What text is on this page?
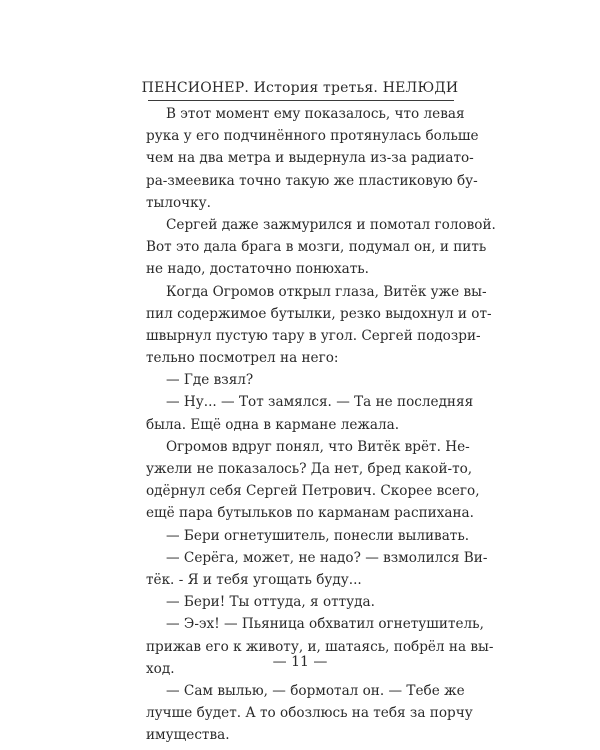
ПЕНСИОНЕР. История третья. НЕЛЮДИ
В этот момент ему показалось, что левая
рука у его подчинённого протянулась больше
чем на два метра и выдернула из-за радиато-
ра-змеевика точно такую же пластиковую бу-
тылочку.
Сергей даже зажмурился и помотал головой.
Вот это дала брага в мозги, подумал он, и пить
не надо, достаточно понюхать.
Когда Огромов открыл глаза, Витёк уже вы-
пил содержимое бутылки, резко выдохнул и от-
швырнул пустую тару в угол. Сергей подозри-
тельно посмотрел на него:
— Где взял?
— Ну... — Тот замялся. — Та не последняя
была. Ещё одна в кармане лежала.
Огромов вдруг понял, что Витёк врёт. Не-
ужели не показалось? Да нет, бред какой-то,
одёрнул себя Сергей Петрович. Скорее всего,
ещё пара бутыльков по карманам распихана.
— Бери огнетушитель, понесли выливать.
— Серёга, может, не надо? — взмолился Ви-
тёк. - Я и тебя угощать буду...
— Бери! Ты оттуда, я оттуда.
— Э-эх! — Пьяница обхватил огнетушитель,
прижав его к животу, и, шатаясь, побрёл на вы-
ход.
— Сам вылью, — бормотал он. — Тебе же
лучше будет. А то обозлюсь на тебя за порчу
имущества.
— 11 —
